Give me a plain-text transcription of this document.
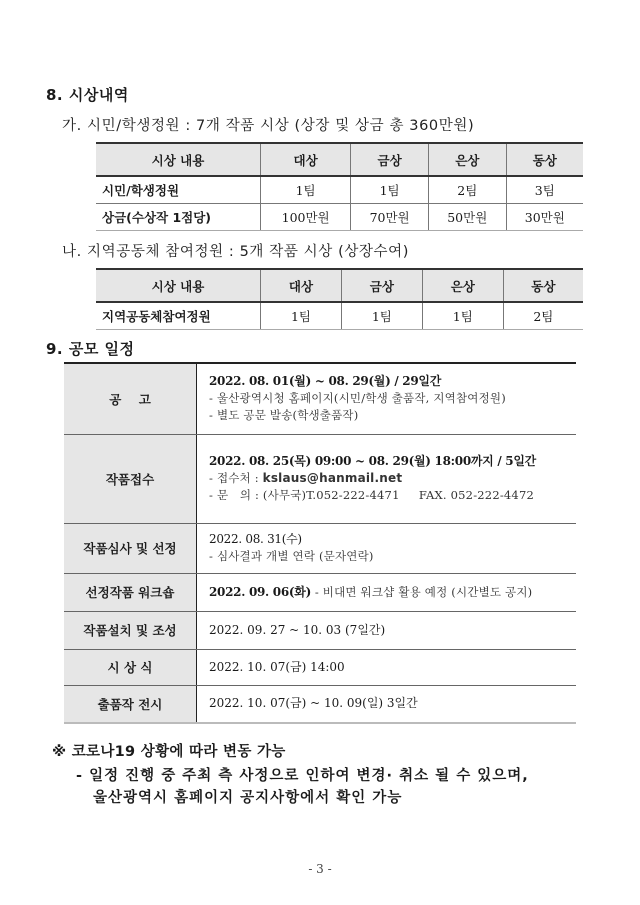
8. 시상내역
가. 시민/학생정원 : 7개 작품 시상 (상장 및 상금 총 360만원)
시상 내용	대상	금상	은상	동상
시민/학생정원	1팀	1팀	2팀	3팀
상금(수상작 1점당)	100만원	70만원	50만원	30만원
나. 지역공동체 참여정원 : 5개 작품 시상 (상장수여)
시상 내용	대상	금상	은상	동상
지역공동체참여정원	1팀	1팀	1팀	2팀
9. 공모 일정
공    고	2022. 08. 01(월) ~ 08. 29(월) / 29일간
- 울산광역시청 홈페이지(시민/학생 출품작, 지역참여정원)
- 별도 공문 발송(학생출품작)

작품접수	2022. 08. 25(목) 09:00 ~ 08. 29(월) 18:00까지 / 5일간
- 접수처 : kslaus@hanmail.net
- 문   의 : (사무국)T.052-222-4471     FAX. 052-222-4472

작품심사 및 선정	2022. 08. 31(수)
- 심사결과 개별 연락 (문자연락)

선정작품 워크숍	2022. 09. 06(화) - 비대면 워크샵 활용 예정 (시간별도 공지)
작품설치 및 조성	2022. 09. 27 ~ 10. 03 (7일간)
시 상 식	2022. 10. 07(금) 14:00
출품작 전시	2022. 10. 07(금) ~ 10. 09(일) 3일간
※ 코로나19 상황에 따라 변동 가능
- 일정 진행 중 주최 측 사정으로 인하여 변경· 취소 될 수 있으며,
울산광역시 홈페이지 공지사항에서 확인 가능
- 3 -
